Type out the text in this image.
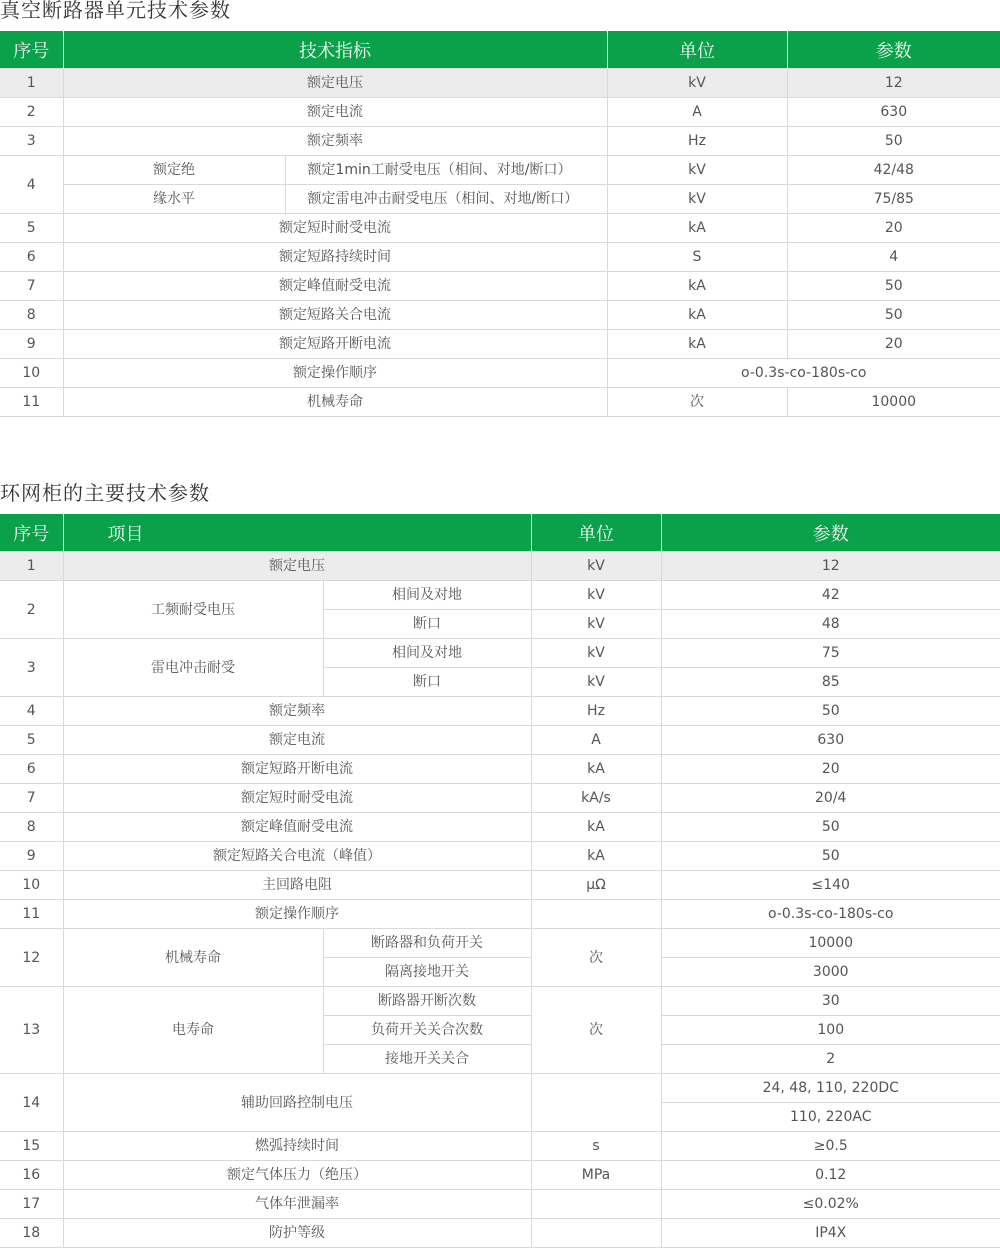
真空断路器单元技术参数
序号	技术指标		单位	参数
1	额定电压		kV	12
2	额定电流		A	630
3	额定频率		Hz	50
4	额定绝	额定1min工耐受电压（相间、对地/断口）	kV	42/48
	缘水平	额定雷电冲击耐受电压（相间、对地/断口）	kV	75/85
5	额定短时耐受电流		kA	20
6	额定短路持续时间		S	4
7	额定峰值耐受电流		kA	50
8	额定短路关合电流		kA	50
9	额定短路开断电流		kA	20
10	额定操作顺序		o-0.3s-co-180s-co	
11	机械寿命		次	10000
环网柜的主要技术参数
序号	项目		单位	参数
1	额定电压		kV	12
2	工频耐受电压	相间及对地	kV	42
		断口	kV	48
3	雷电冲击耐受	相间及对地	kV	75
		断口	kV	85
4	额定频率		Hz	50
5	额定电流		A	630
6	额定短路开断电流		kA	20
7	额定短时耐受电流		kA/s	20/4
8	额定峰值耐受电流		kA	50
9	额定短路关合电流（峰值）		kA	50
10	主回路电阻		μΩ	≤140
11	额定操作顺序			o-0.3s-co-180s-co
12	机械寿命	断路器和负荷开关	次	10000
		隔离接地开关		3000
13	电寿命	断路器开断次数	次	30
		负荷开关关合次数		100
		接地开关关合		2
14	辅助回路控制电压			24, 48, 110, 220DC
				110, 220AC
15	燃弧持续时间		s	≥0.5
16	额定气体压力（绝压）		MPa	0.12
17	气体年泄漏率			≤0.02%
18	防护等级			IP4X
